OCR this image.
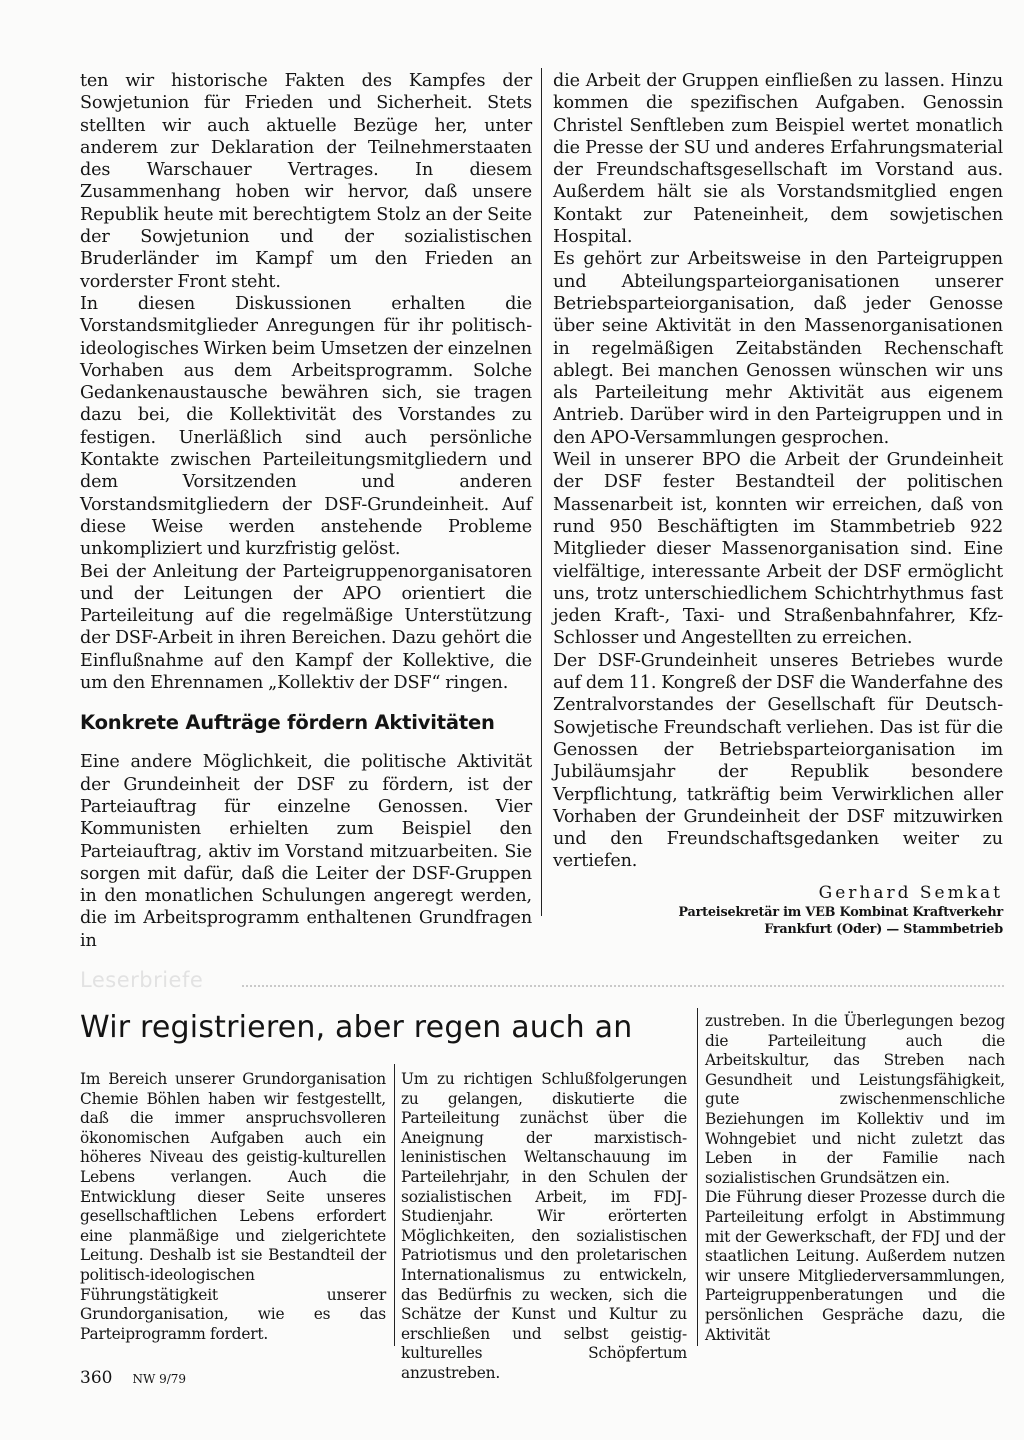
ten wir historische Fakten des Kampfes der Sowjetunion für Frieden und Sicherheit. Stets stellten wir auch aktuelle Bezüge her, unter anderem zur Deklaration der Teilnehmerstaaten des Warschauer Vertrages. In diesem Zusammenhang hoben wir hervor, daß unsere Republik heute mit berechtigtem Stolz an der Seite der Sowjetunion und der sozialistischen Bruderländer im Kampf um den Frieden an vorderster Front steht.

In diesen Diskussionen erhalten die Vorstandsmitglieder Anregungen für ihr politisch-ideologisches Wirken beim Umsetzen der einzelnen Vorhaben aus dem Arbeitsprogramm. Solche Gedankenaustausche bewähren sich, sie tragen dazu bei, die Kollektivität des Vorstandes zu festigen. Unerläßlich sind auch persönliche Kontakte zwischen Parteileitungsmitgliedern und dem Vorsitzenden und anderen Vorstandsmitgliedern der DSF-Grundeinheit. Auf diese Weise werden anstehende Probleme unkompliziert und kurzfristig gelöst.

Bei der Anleitung der Parteigruppenorganisatoren und der Leitungen der APO orientiert die Parteileitung auf die regelmäßige Unterstützung der DSF-Arbeit in ihren Bereichen. Dazu gehört die Einflußnahme auf den Kampf der Kollektive, die um den Ehrennamen „Kollektiv der DSF“ ringen.

Konkrete Aufträge fördern Aktivitäten

Eine andere Möglichkeit, die politische Aktivität der Grundeinheit der DSF zu fördern, ist der Parteiauftrag für einzelne Genossen. Vier Kommunisten erhielten zum Beispiel den Parteiauftrag, aktiv im Vorstand mitzuarbeiten. Sie sorgen mit dafür, daß die Leiter der DSF-Gruppen in den monatlichen Schulungen angeregt werden, die im Arbeitsprogramm enthaltenen Grundfragen in

die Arbeit der Gruppen einfließen zu lassen. Hinzu kommen die spezifischen Aufgaben. Genossin Christel Senftleben zum Beispiel wertet monatlich die Presse der SU und anderes Erfahrungsmaterial der Freundschaftsgesellschaft im Vorstand aus. Außerdem hält sie als Vorstandsmitglied engen Kontakt zur Pateneinheit, dem sowjetischen Hospital.

Es gehört zur Arbeitsweise in den Parteigruppen und Abteilungsparteiorganisationen unserer Betriebsparteiorganisation, daß jeder Genosse über seine Aktivität in den Massenorganisationen in regelmäßigen Zeitabständen Rechenschaft ablegt. Bei manchen Genossen wünschen wir uns als Parteileitung mehr Aktivität aus eigenem Antrieb. Darüber wird in den Parteigruppen und in den APO-Versammlungen gesprochen.

Weil in unserer BPO die Arbeit der Grundeinheit der DSF fester Bestandteil der politischen Massenarbeit ist, konnten wir erreichen, daß von rund 950 Beschäftigten im Stammbetrieb 922 Mitglieder dieser Massenorganisation sind. Eine vielfältige, interessante Arbeit der DSF ermöglicht uns, trotz unterschiedlichem Schichtrhythmus fast jeden Kraft-, Taxi- und Straßenbahnfahrer, Kfz-Schlosser und Angestellten zu erreichen.

Der DSF-Grundeinheit unseres Betriebes wurde auf dem 11. Kongreß der DSF die Wanderfahne des Zentralvorstandes der Gesellschaft für Deutsch-Sowjetische Freundschaft verliehen. Das ist für die Genossen der Betriebsparteiorganisation im Jubiläumsjahr der Republik besondere Verpflichtung, tatkräftig beim Verwirklichen aller Vorhaben der Grundeinheit der DSF mitzuwirken und den Freundschaftsgedanken weiter zu vertiefen.

Gerhard Semkat
Parteisekretär im VEB Kombinat Kraftverkehr
Frankfurt (Oder) — Stammbetrieb
Leserbriefe
Wir registrieren, aber regen auch an

Im Bereich unserer Grundorganisation Chemie Böhlen haben wir festgestellt, daß die immer anspruchsvolleren ökonomischen Aufgaben auch ein höheres Niveau des geistig-kulturellen Lebens verlangen. Auch die Entwicklung dieser Seite unseres gesellschaftlichen Lebens erfordert eine planmäßige und zielgerichtete Leitung. Deshalb ist sie Bestandteil der politisch-ideologischen Führungstätigkeit unserer Grundorganisation, wie es das Parteiprogramm fordert.

Um zu richtigen Schlußfolgerungen zu gelangen, diskutierte die Parteileitung zunächst über die Aneignung der marxistisch-leninistischen Weltanschauung im Parteilehrjahr, in den Schulen der sozialistischen Arbeit, im FDJ-Studienjahr. Wir erörterten Möglichkeiten, den sozialistischen Patriotismus und den proletarischen Internationalismus zu entwickeln, das Bedürfnis zu wecken, sich die Schätze der Kunst und Kultur zu erschließen und selbst geistig-kulturelles Schöpfertum anzustreben.

zustreben. In die Überlegungen bezog die Parteileitung auch die Arbeitskultur, das Streben nach Gesundheit und Leistungsfähigkeit, gute zwischenmenschliche Beziehungen im Kollektiv und im Wohngebiet und nicht zuletzt das Leben in der Familie nach sozialistischen Grundsätzen ein.

Die Führung dieser Prozesse durch die Parteileitung erfolgt in Abstimmung mit der Gewerkschaft, der FDJ und der staatlichen Leitung. Außerdem nutzen wir unsere Mitgliederversammlungen, Parteigruppenberatungen und die persönlichen Gespräche dazu, die Aktivität

360 NW 9/79
